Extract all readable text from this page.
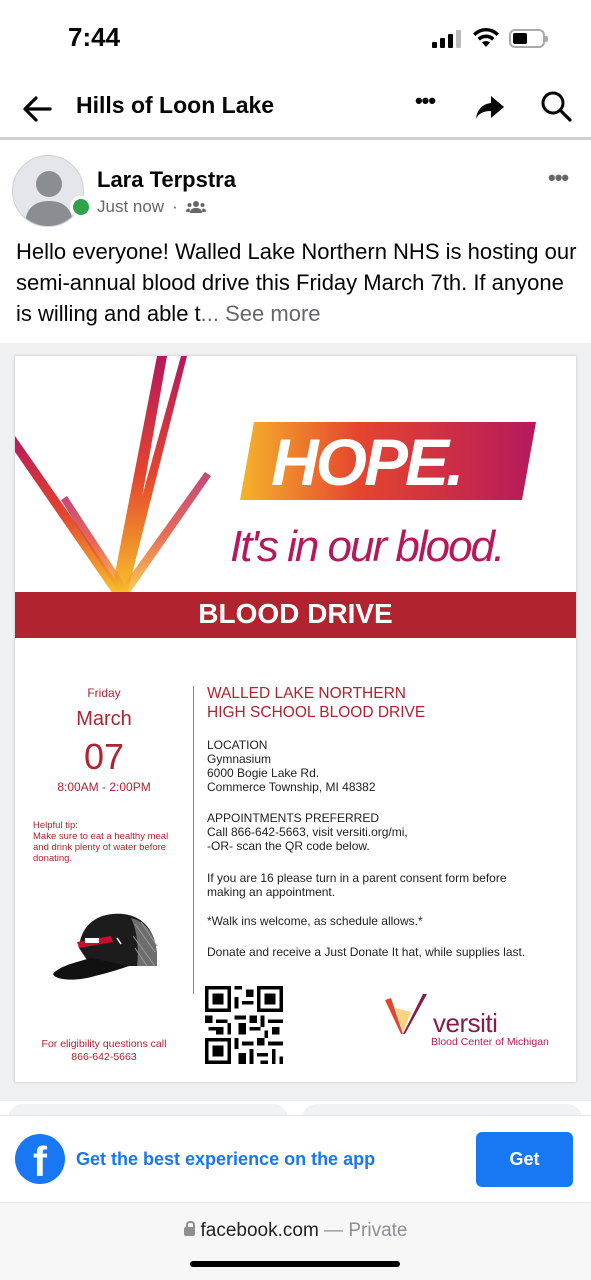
7:44
Hills of Loon Lake	•••
Lara Terpstra
Just now ·
•••
Hello everyone! Walled Lake Northern NHS is hosting our semi-annual blood drive this Friday March 7th. If anyone is willing and able t... See more
HOPE.
It's in our blood.
BLOOD DRIVE
Friday
March
07
8:00AM - 2:00PM
Helpful tip:
Make sure to eat a healthy meal
and drink plenty of water before
donating.
For eligibility questions call
866-642-5663
WALLED LAKE NORTHERN
HIGH SCHOOL BLOOD DRIVE
LOCATION
Gymnasium
6000 Bogie Lake Rd.
Commerce Township, MI 48382
APPOINTMENTS PREFERRED
Call 866-642-5663, visit versiti.org/mi,
-OR- scan the QR code below.
If you are 16 please turn in a parent consent form before
making an appointment.
*Walk ins welcome, as schedule allows.*
Donate and receive a Just Donate It hat, while supplies last.
versiti
Blood Center of Michigan
f	Get the best experience on the app	Get
facebook.com — Private
